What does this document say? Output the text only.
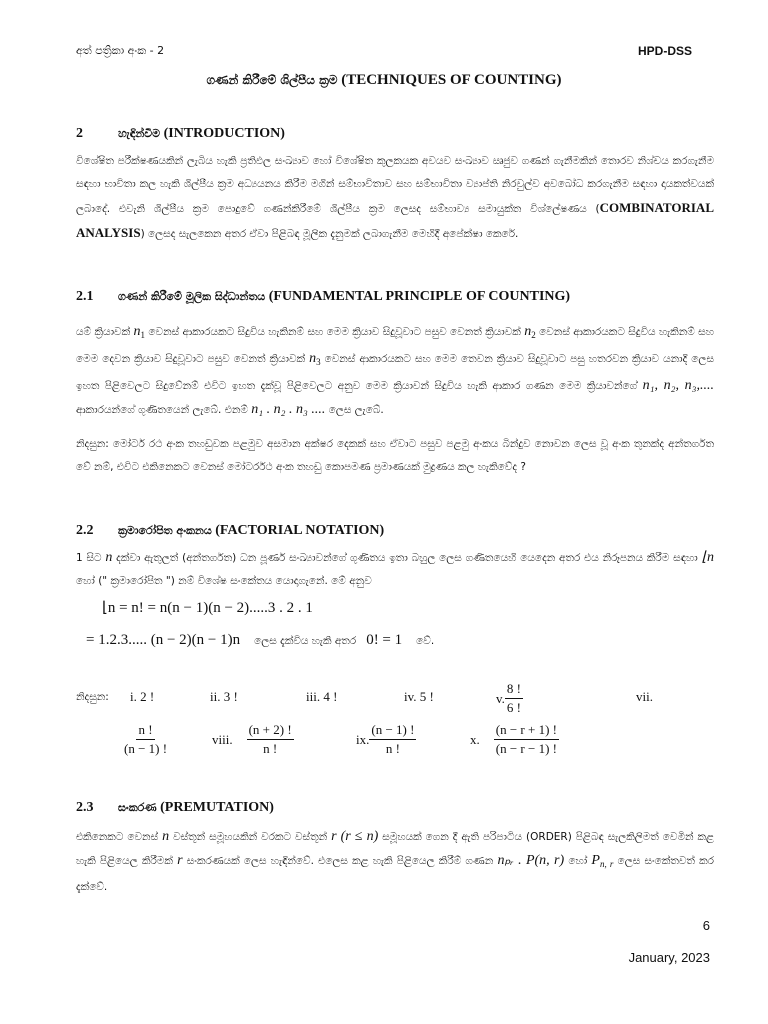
අත් පත්‍රිකා අංක - 2	HPD-DSS
ගණන් කිරීමේ ශිල්පීය ක්‍රම (TECHNIQUES OF COUNTING)
2	හැඳින්වීම (INTRODUCTION)
විශේෂිත පරීක්ෂණයකින් ලැබිය හැකි ප්‍රතිඵල සංඛ්‍යාව හෝ විශේෂිත කුලකයක අවයව සංඛ්‍යාව ඍජුව ගණන් ගැනීමකින් තොරව නිශ්චය කරගැනීම සඳහා භාවිතා කල හැකි ශිල්පීය ක්‍රම අධ්‍යයනය කිරීම මගින් සම්භාවිතාව සහ සම්භාවිතා ව්‍යාප්ති නිරවුල්ව අවබෝධ කරගැනීම සඳහා දායකත්වයක් ලබාදේ. එවැනි ශිල්පීය ක්‍රම පොදුවේ ගණන්කිරීමේ ශිල්පීය ක්‍රම ලෙසද සම්භාව්‍ය සමායුක්ත විශ්ලේෂණය (COMBINATORIAL ANALYSIS) ලෙසද සැලකෙන අතර ඒවා පිළිබඳ මූලික දැනුමක් ලබාගැනීම මෙහිදී අපේක්ෂා කෙරේ.
2.1 ගණන් කිරීමේ මූලික සිද්ධාන්තය (FUNDAMENTAL PRINCIPLE OF COUNTING)
යම් ක්‍රියාවක් $n_1$ වෙනස් ආකාරයකට සිදුවිය හැකිනම් සහ මෙම ක්‍රියාව සිදුවූවාට පසුව වෙනත් ක්‍රියාවක් $n_2$ වෙනස් ආකාරයකට සිදුවිය හැකිනම් සහ මෙම දෙවන ක්‍රියාව සිදුවූවාට පසුව වෙනත් ක්‍රියාවක් $n_3$ වෙනස් ආකාරයකට සහ මෙම තෙවන ක්‍රියාව සිදුවූවාට පසු හතරවන ක්‍රියාව යනාදි ලෙස ඉහත පිළිවෙලට සිදුවේනම් එවිට ඉහත දැක්වූ පිළිවෙලට අනුව මෙම ක්‍රියාවන් සිදුවිය හැකි ආකාර ගණන මෙම ක්‍රියාවන්ගේ n₁, n₂, n₃,.... ආකාරයන්ගේ ගුණිතයෙන් ලැබේ. එනම් n₁ . n₂ . n₃ .... ලෙස ලැබේ.
නිදසුන: මෝටර් රථ අංක තහඩුවක පළමුව අසමාන අක්ෂර දෙකක් සහ ඒවාට පසුව පළමු අංකය බින්දුව නොවන ලෙස වූ අංක තුනක්ද අන්තර්ගත වේ නම්, එවිට එකිනෙකට වෙනස් මෝටර්රථ අංක තහඩු කොපමණ ප්‍රමාණයක් මුද්‍රණය කල හැකිවේද ?
2.2 ක්‍රමාරෝපිත අංකනය (FACTORIAL NOTATION)
1 සිට n දක්වා ඇතුලත් (අන්තර්ගත) ධන පූර්ණ සංඛ්‍යාවන්ගේ ගුණිතය ඉතා බහුල ලෙස ගණිතයෙහි යෙදෙන අතර එය නිරූපනය කිරීම සඳහා ⌊n හෝ (" ක්‍රමාරෝපිත ") නම් විශේෂ සංකේතය යොදාගැනේ. මේ අනුව
⌊n = n! = n(n − 1)(n − 2).....3 . 2 . 1
= 1.2.3..... (n − 2)(n − 1)n ලෙස දැක්විය හැකි අතර 0! = 1 වේ.
නිදසුන: i. 2 !	ii. 3 !	iii. 4 !	iv. 5 !	v. $\frac{8 !}{6 !}$	vii.
$\frac{n !}{(n - 1) !}$	viii. $\frac{(n + 2) !}{n !}$	ix. $\frac{(n - 1) !}{n !}$	x. $\frac{(n - r + 1) !}{(n - r - 1) !}$
2.3 සංකරණ (PREMUTATION)
එකිනෙකට වෙනස් n වස්තූන් සමූහයකින් වරකට වස්තූන් r (r ≤ n) සමූහයක් ගෙන දී ඇති පරිපාටිය (ORDER) පිළිබඳ සැලකිලිමත් වෙමින් කළ හැකි පිළියෙල කිරීමක් r සංකරණයක් ලෙස හැඳින්වේ. එලෙස කළ හැකි පිළියෙල කිරීම් ගණන nₚᵣ . P(n, r) හෝ $P_{n, r}$ ලෙස සංකේතවත් කර දැක්වේ.
6
January, 2023
